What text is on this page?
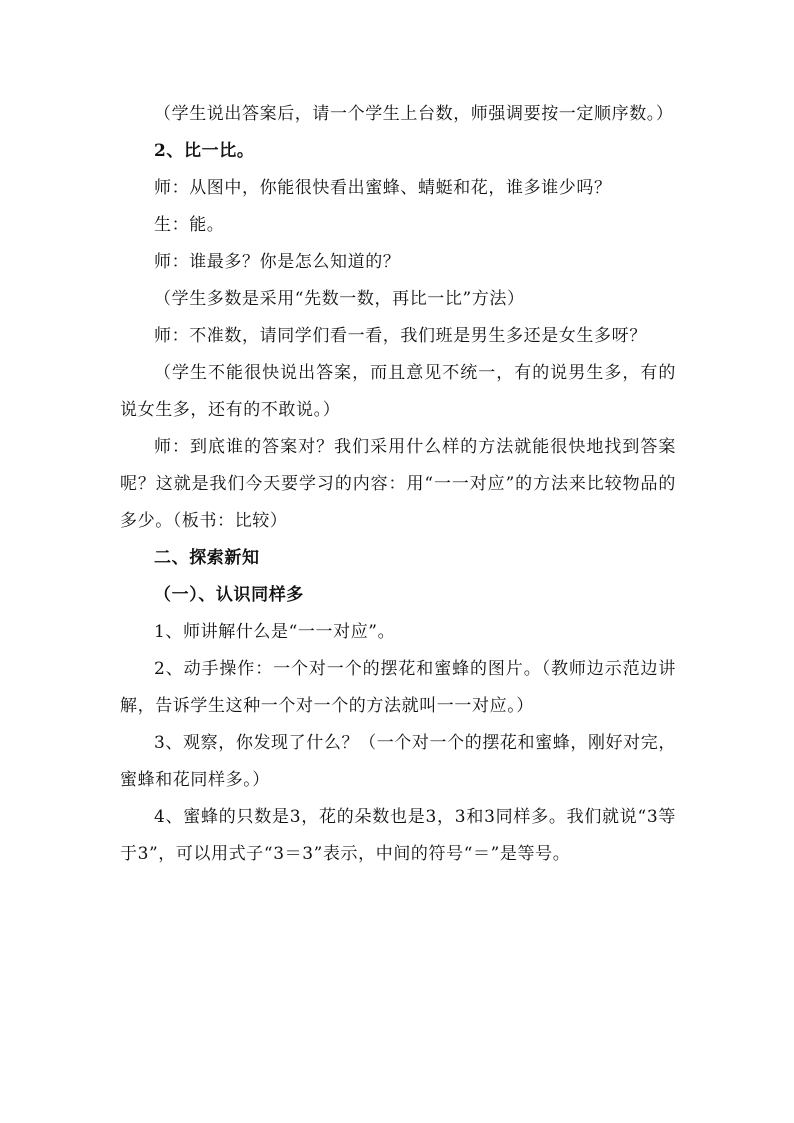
（学生说出答案后，请一个学生上台数，师强调要按一定顺序数。）

2、比一比。

师：从图中，你能很快看出蜜蜂、蜻蜓和花，谁多谁少吗？

生：能。

师：谁最多？你是怎么知道的？

（学生多数是采用“先数一数，再比一比”方法）

师：不准数，请同学们看一看，我们班是男生多还是女生多呀？

（学生不能很快说出答案，而且意见不统一，有的说男生多，有的说女生多，还有的不敢说。）

师：到底谁的答案对？我们采用什么样的方法就能很快地找到答案呢？这就是我们今天要学习的内容：用“一一对应”的方法来比较物品的多少。（板书：比较）

二、探索新知

（一）、认识同样多

1、师讲解什么是“一一对应”。

2、动手操作：一个对一个的摆花和蜜蜂的图片。（教师边示范边讲解，告诉学生这种一个对一个的方法就叫一一对应。）

3、观察，你发现了什么？（一个对一个的摆花和蜜蜂，刚好对完，蜜蜂和花同样多。）

4、蜜蜂的只数是3，花的朵数也是3，3和3同样多。我们就说“3等于3”，可以用式子“3＝3”表示，中间的符号“＝”是等号。
